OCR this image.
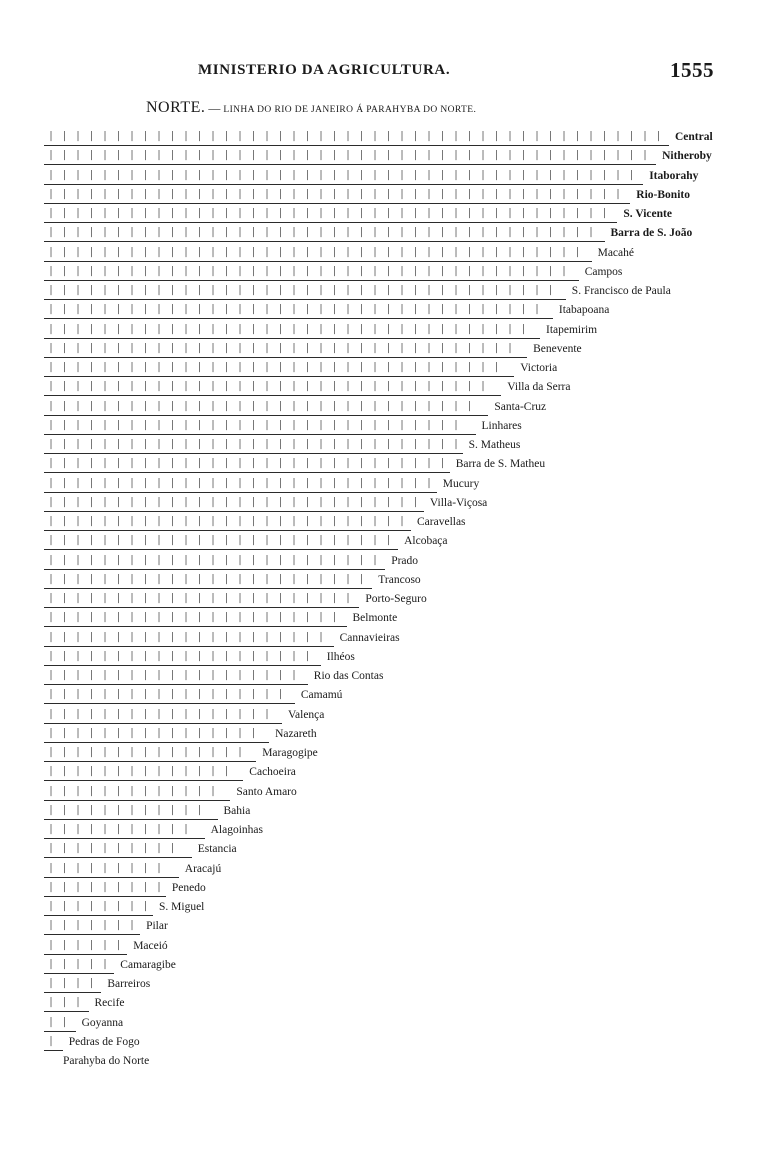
MINISTERIO DA AGRICULTURA.	1555
NORTE. — LINHA DO RIO DE JANEIRO Á PARAHYBA DO NORTE.
Central
│ │ │ │ │ │ │ │ │ │ │ │ │ │ │ │ │ │ │ │ │ │ │ │ │ │ │ │ │ │ │ │ │ │ │ │ │ │ │ │ │ │ │ │ │ │
Nitheroby
│ │ │ │ │ │ │ │ │ │ │ │ │ │ │ │ │ │ │ │ │ │ │ │ │ │ │ │ │ │ │ │ │ │ │ │ │ │ │ │ │ │ │ │ │
Itaborahy
│ │ │ │ │ │ │ │ │ │ │ │ │ │ │ │ │ │ │ │ │ │ │ │ │ │ │ │ │ │ │ │ │ │ │ │ │ │ │ │ │ │ │ │
Rio-Bonito
│ │ │ │ │ │ │ │ │ │ │ │ │ │ │ │ │ │ │ │ │ │ │ │ │ │ │ │ │ │ │ │ │ │ │ │ │ │ │ │ │ │ │
S. Vicente
│ │ │ │ │ │ │ │ │ │ │ │ │ │ │ │ │ │ │ │ │ │ │ │ │ │ │ │ │ │ │ │ │ │ │ │ │ │ │ │ │ │
Barra de S. João
│ │ │ │ │ │ │ │ │ │ │ │ │ │ │ │ │ │ │ │ │ │ │ │ │ │ │ │ │ │ │ │ │ │ │ │ │ │ │ │ │
Macahé
│ │ │ │ │ │ │ │ │ │ │ │ │ │ │ │ │ │ │ │ │ │ │ │ │ │ │ │ │ │ │ │ │ │ │ │ │ │ │ │
Campos
│ │ │ │ │ │ │ │ │ │ │ │ │ │ │ │ │ │ │ │ │ │ │ │ │ │ │ │ │ │ │ │ │ │ │ │ │ │ │
S. Francisco de Paula
│ │ │ │ │ │ │ │ │ │ │ │ │ │ │ │ │ │ │ │ │ │ │ │ │ │ │ │ │ │ │ │ │ │ │ │ │ │
Itabapoana
│ │ │ │ │ │ │ │ │ │ │ │ │ │ │ │ │ │ │ │ │ │ │ │ │ │ │ │ │ │ │ │ │ │ │ │ │
Itapemirim
│ │ │ │ │ │ │ │ │ │ │ │ │ │ │ │ │ │ │ │ │ │ │ │ │ │ │ │ │ │ │ │ │ │ │ │
Benevente
│ │ │ │ │ │ │ │ │ │ │ │ │ │ │ │ │ │ │ │ │ │ │ │ │ │ │ │ │ │ │ │ │ │ │
Victoria
│ │ │ │ │ │ │ │ │ │ │ │ │ │ │ │ │ │ │ │ │ │ │ │ │ │ │ │ │ │ │ │ │ │
Villa da Serra
│ │ │ │ │ │ │ │ │ │ │ │ │ │ │ │ │ │ │ │ │ │ │ │ │ │ │ │ │ │ │ │ │
Santa-Cruz
│ │ │ │ │ │ │ │ │ │ │ │ │ │ │ │ │ │ │ │ │ │ │ │ │ │ │ │ │ │ │ │
Linhares
│ │ │ │ │ │ │ │ │ │ │ │ │ │ │ │ │ │ │ │ │ │ │ │ │ │ │ │ │ │ │
S. Matheus
│ │ │ │ │ │ │ │ │ │ │ │ │ │ │ │ │ │ │ │ │ │ │ │ │ │ │ │ │ │ │
Barra de S. Matheu
│ │ │ │ │ │ │ │ │ │ │ │ │ │ │ │ │ │ │ │ │ │ │ │ │ │ │ │ │ │
Mucury
│ │ │ │ │ │ │ │ │ │ │ │ │ │ │ │ │ │ │ │ │ │ │ │ │ │ │ │ │
Villa-Viçosa
│ │ │ │ │ │ │ │ │ │ │ │ │ │ │ │ │ │ │ │ │ │ │ │ │ │ │ │
Caravellas
│ │ │ │ │ │ │ │ │ │ │ │ │ │ │ │ │ │ │ │ │ │ │ │ │ │ │
Alcobaça
│ │ │ │ │ │ │ │ │ │ │ │ │ │ │ │ │ │ │ │ │ │ │ │ │ │
Prado
│ │ │ │ │ │ │ │ │ │ │ │ │ │ │ │ │ │ │ │ │ │ │ │ │
Trancoso
│ │ │ │ │ │ │ │ │ │ │ │ │ │ │ │ │ │ │ │ │ │ │ │
Porto-Seguro
│ │ │ │ │ │ │ │ │ │ │ │ │ │ │ │ │ │ │ │ │ │ │
Belmonte
│ │ │ │ │ │ │ │ │ │ │ │ │ │ │ │ │ │ │ │ │ │
Cannavieiras
│ │ │ │ │ │ │ │ │ │ │ │ │ │ │ │ │ │ │ │ │
Ilhéos
│ │ │ │ │ │ │ │ │ │ │ │ │ │ │ │ │ │ │ │
Rio das Contas
│ │ │ │ │ │ │ │ │ │ │ │ │ │ │ │ │ │ │
Camamú
│ │ │ │ │ │ │ │ │ │ │ │ │ │ │ │ │ │
Valença
│ │ │ │ │ │ │ │ │ │ │ │ │ │ │ │ │
Nazareth
│ │ │ │ │ │ │ │ │ │ │ │ │ │ │ │
Maragogipe
│ │ │ │ │ │ │ │ │ │ │ │ │ │ │
Cachoeira
│ │ │ │ │ │ │ │ │ │ │ │ │ │
Santo Amaro
│ │ │ │ │ │ │ │ │ │ │ │ │
Bahia
│ │ │ │ │ │ │ │ │ │ │ │
Alagoinhas
│ │ │ │ │ │ │ │ │ │ │
Estancia
│ │ │ │ │ │ │ │ │ │
Aracajú
│ │ │ │ │ │ │ │ │
Penedo
│ │ │ │ │ │ │ │ │
S. Miguel
│ │ │ │ │ │ │ │
Pilar
│ │ │ │ │ │ │
Maceió
│ │ │ │ │ │
Camaragibe
│ │ │ │ │
Barreiros
│ │ │ │
Recife
│ │ │
Goyanna
│ │
Pedras de Fogo
│
Parahyba do Norte
